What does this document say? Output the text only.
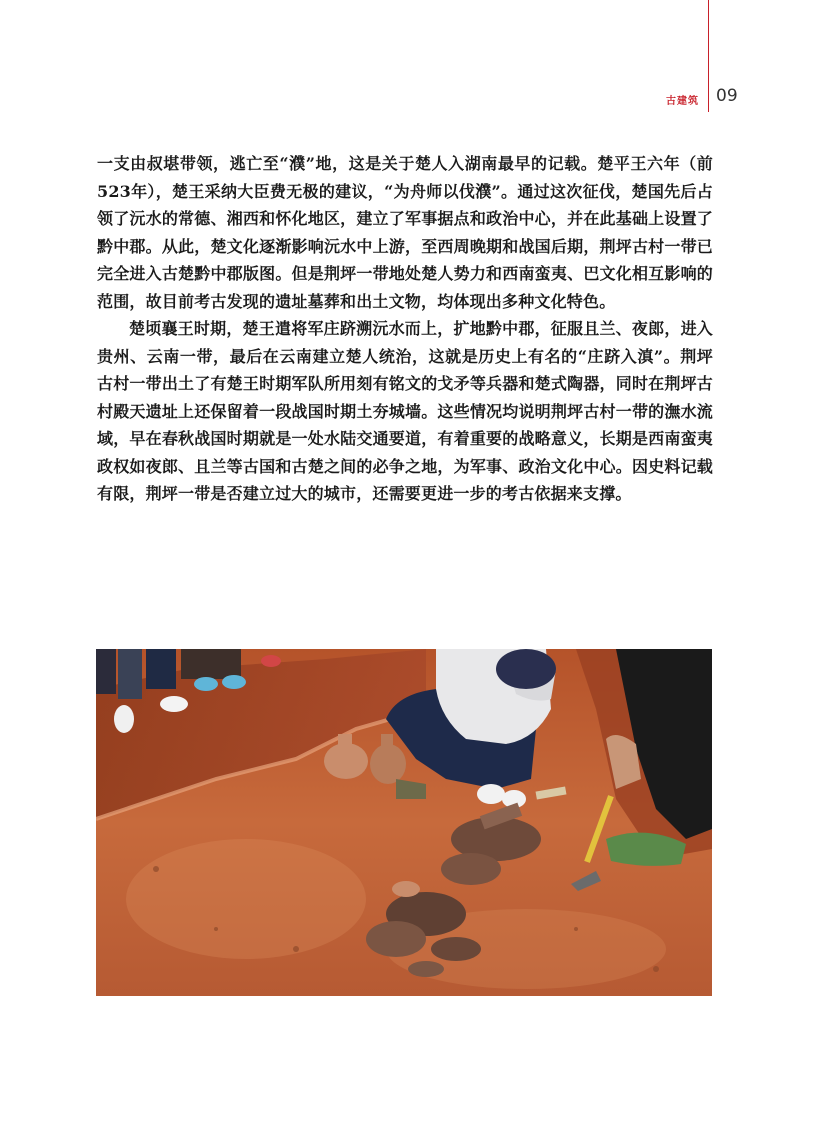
古建筑 09

一支由叔堪带领，逃亡至“濮”地，这是关于楚人入湖南最早的记载。楚平王六年（前523年），楚王采纳大臣费无极的建议，“为舟师以伐濮”。通过这次征伐，楚国先后占领了沅水的常德、湘西和怀化地区，建立了军事据点和政治中心，并在此基础上设置了黔中郡。从此，楚文化逐渐影响沅水中上游，至西周晚期和战国后期，荆坪古村一带已完全进入古楚黔中郡版图。但是荆坪一带地处楚人势力和西南蛮夷、巴文化相互影响的范围，故目前考古发现的遗址墓葬和出土文物，均体现出多种文化特色。

楚顷襄王时期，楚王遣将军庄跻溯沅水而上，扩地黔中郡，征服且兰、夜郎，进入贵州、云南一带，最后在云南建立楚人统治，这就是历史上有名的“庄跻入滇”。荆坪古村一带出土了有楚王时期军队所用刻有铭文的戈矛等兵器和楚式陶器，同时在荆坪古村殿天遗址上还保留着一段战国时期土夯城墙。这些情况均说明荆坪古村一带的潕水流域，早在春秋战国时期就是一处水陆交通要道，有着重要的战略意义，长期是西南蛮夷政权如夜郎、且兰等古国和古楚之间的必争之地，为军事、政治文化中心。因史料记载有限，荆坪一带是否建立过大的城市，还需要更进一步的考古依据来支撑。
